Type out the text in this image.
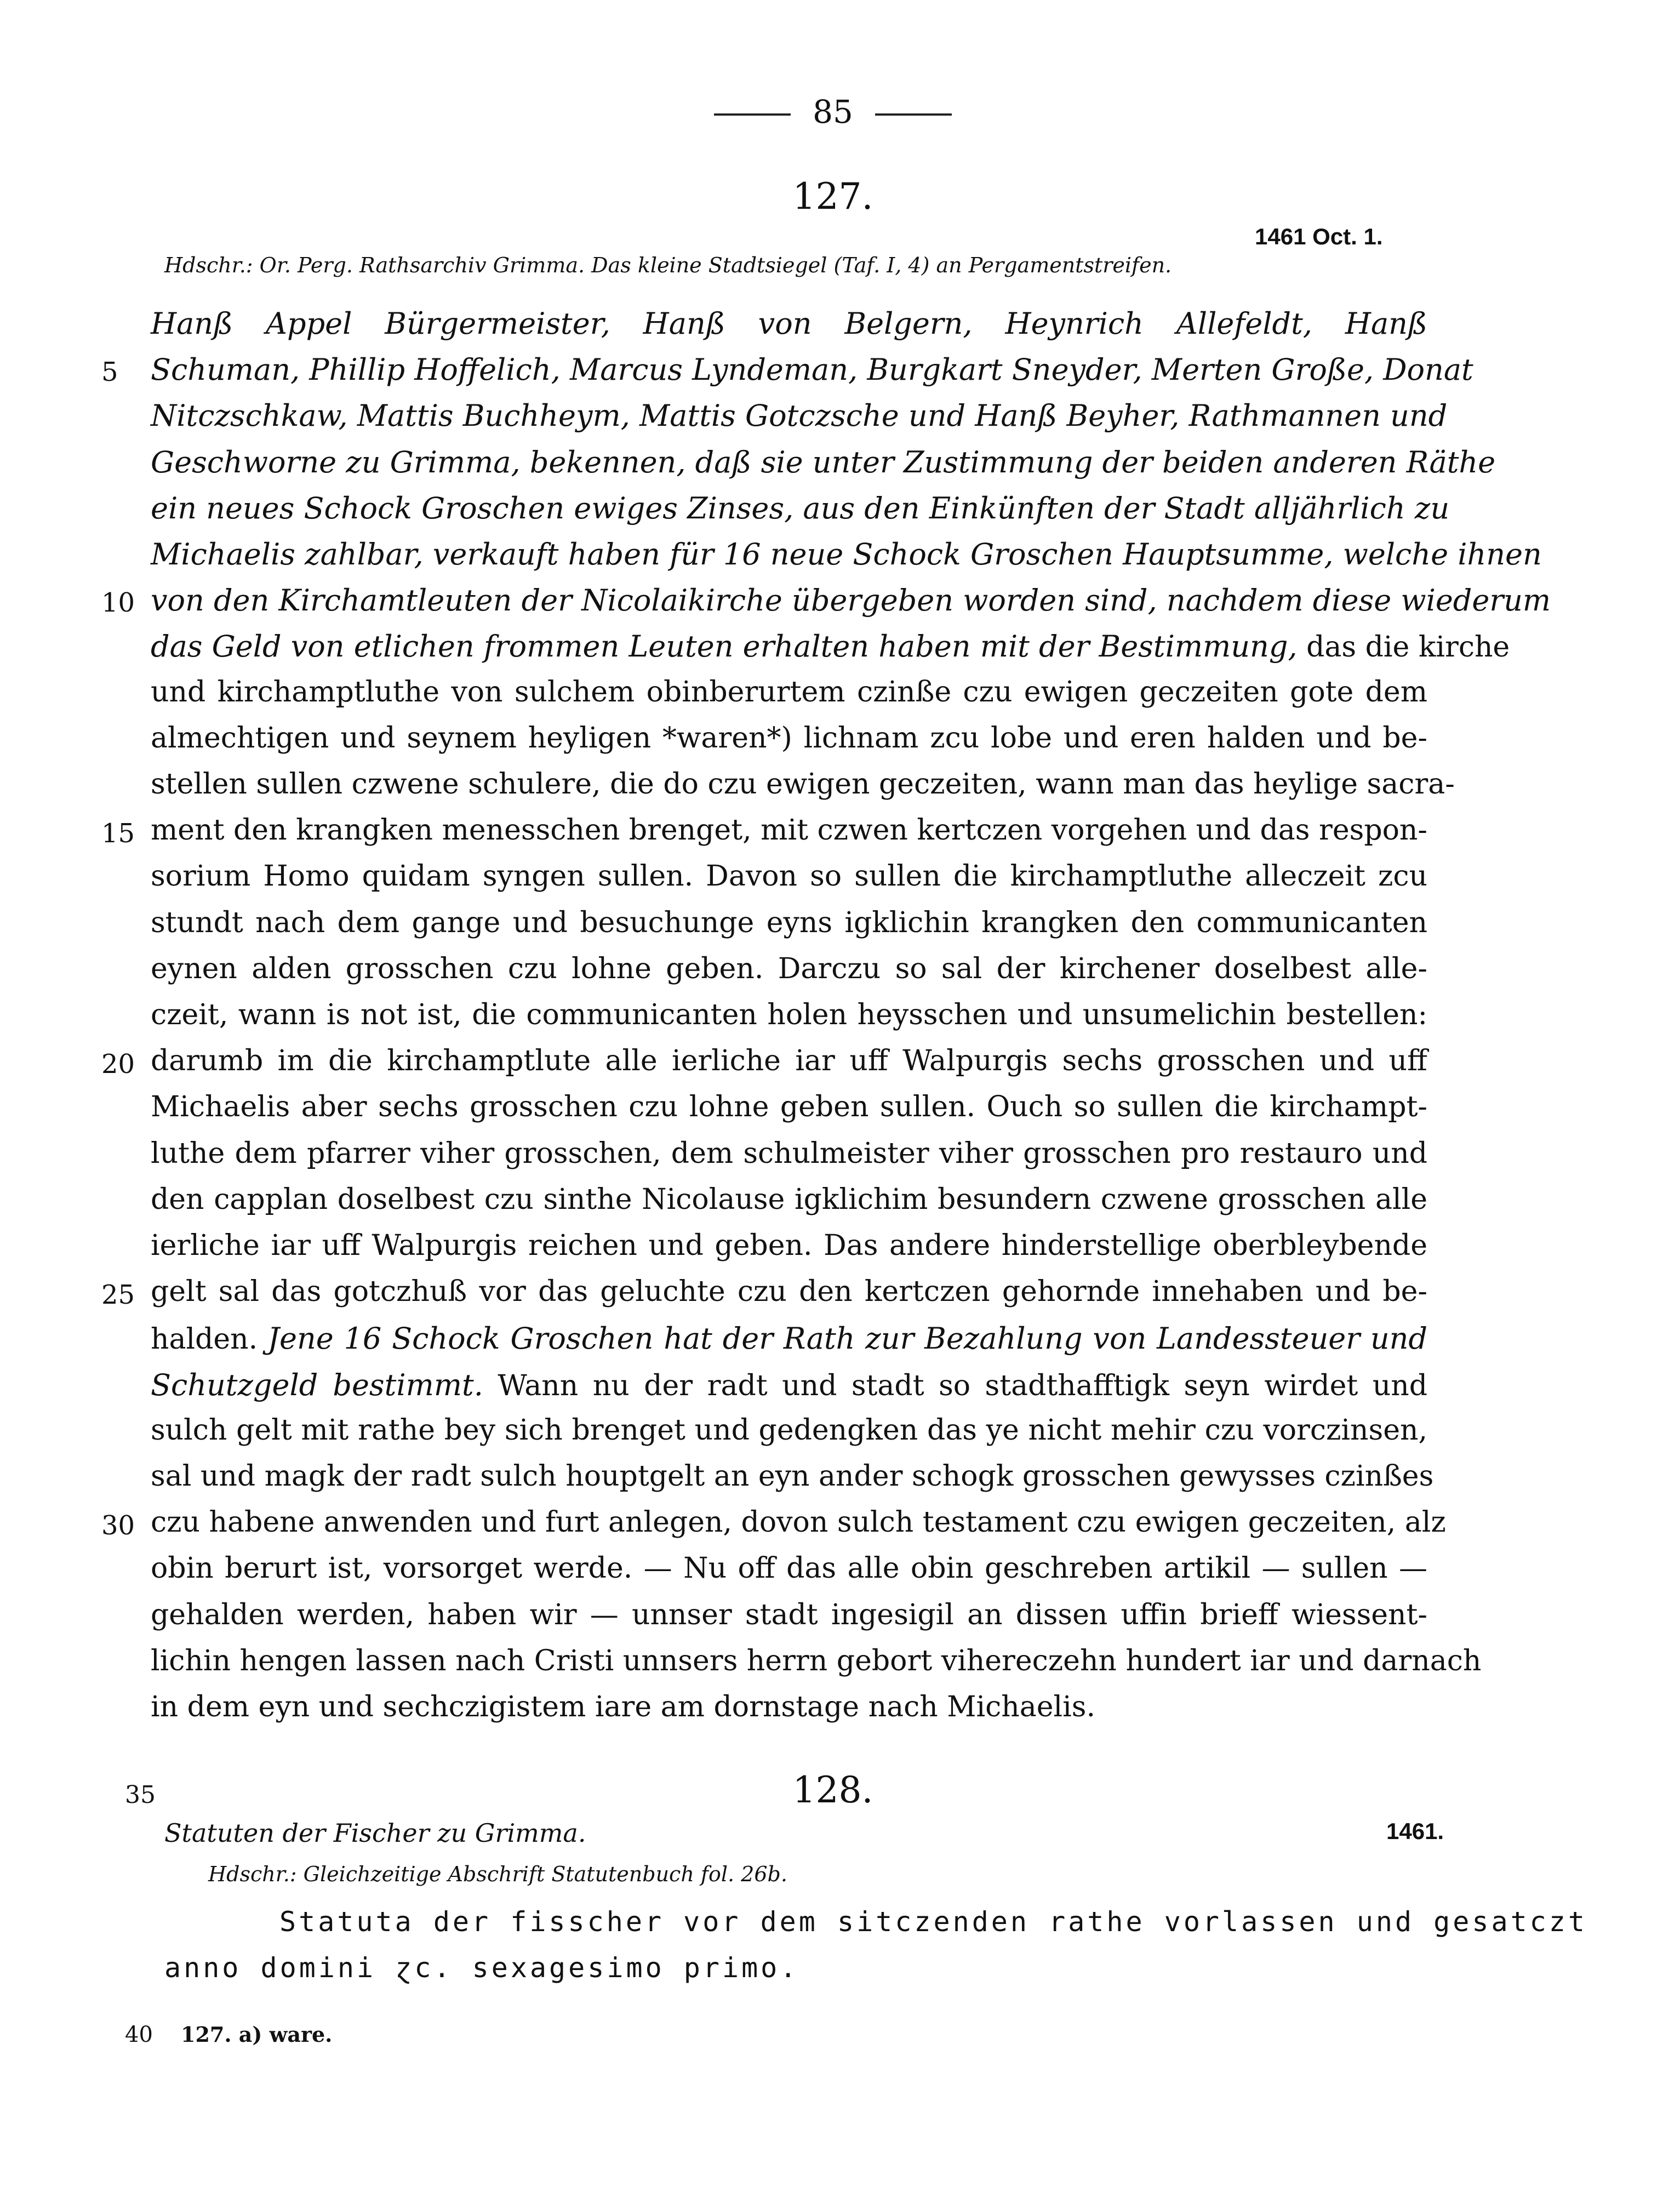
85
127.
1461 Oct. 1.
Hdschr.: Or. Perg. Rathsarchiv Grimma. Das kleine Stadtsiegel (Taf. I, 4) an Pergamentstreifen.
Hanß Appel Bürgermeister, Hanß von Belgern, Heynrich Allefeldt, Hanß
5	Schuman, Phillip Hoffelich, Marcus Lyndeman, Burgkart Sneyder, Merten Große, Donat
Nitczschkaw, Mattis Buchheym, Mattis Gotczsche und Hanß Beyher, Rathmannen und
Geschworne zu Grimma, bekennen, daß sie unter Zustimmung der beiden anderen Räthe
ein neues Schock Groschen ewiges Zinses, aus den Einkünften der Stadt alljährlich zu
Michaelis zahlbar, verkauft haben für 16 neue Schock Groschen Hauptsumme, welche ihnen
10 von den Kirchamtleuten der Nicolaikirche übergeben worden sind, nachdem diese wiederum
das Geld von etlichen frommen Leuten erhalten haben mit der Bestimmung, das die kirche
und kirchamptluthe von sulchem obinberurtem czinße czu ewigen geczeiten gote dem
almechtigen und seynem heyligen *waren*) lichnam zcu lobe und eren halden und be-
stellen sullen czwene schulere, die do czu ewigen geczeiten, wann man das heylige sacra-
15 ment den krangken menesschen brenget, mit czwen kertczen vorgehen und das respon-
sorium Homo quidam syngen sullen. Davon so sullen die kirchamptluthe alleczeit zcu
stundt nach dem gange und besuchunge eyns igklichin krangken den communicanten
eynen alden grosschen czu lohne geben. Darczu so sal der kirchener doselbest alle-
czeit, wann is not ist, die communicanten holen heysschen und unsumelichin bestellen:
20 darumb im die kirchamptlute alle ierliche iar uff Walpurgis sechs grosschen und uff
Michaelis aber sechs grosschen czu lohne geben sullen. Ouch so sullen die kirchampt-
luthe dem pfarrer viher grosschen, dem schulmeister viher grosschen pro restauro und
den capplan doselbest czu sinthe Nicolause igklichim besundern czwene grosschen alle
ierliche iar uff Walpurgis reichen und geben. Das andere hinderstellige oberbleybende
25 gelt sal das gotczhuß vor das geluchte czu den kertczen gehornde innehaben und be-
halden. Jene 16 Schock Groschen hat der Rath zur Bezahlung von Landessteuer und
Schutzgeld bestimmt. Wann nu der radt und stadt so stadthafftigk seyn wirdet und
sulch gelt mit rathe bey sich brenget und gedengken das ye nicht mehir czu vorczinsen,
sal und magk der radt sulch houptgelt an eyn ander schogk grosschen gewysses czinßes
30 czu habene anwenden und furt anlegen, dovon sulch testament czu ewigen geczeiten, alz
obin berurt ist, vorsorget werde. — Nu off das alle obin geschreben artikil — sullen —
gehalden werden, haben wir — unnser stadt ingesigil an dissen uffin brieff wiessent-
lichin hengen lassen nach Cristi unnsers herrn gebort vihereczehn hundert iar und darnach
in dem eyn und sechczigistem iare am dornstage nach Michaelis.
35	128.
Statuten der Fischer zu Grimma.	1461.
Hdschr.: Gleichzeitige Abschrift Statutenbuch fol. 26b.
Statuta der fisscher vor dem sitczenden rathe vorlassen und gesatczt
anno domini ɀc. sexagesimo primo.
40 127. a) ware.
